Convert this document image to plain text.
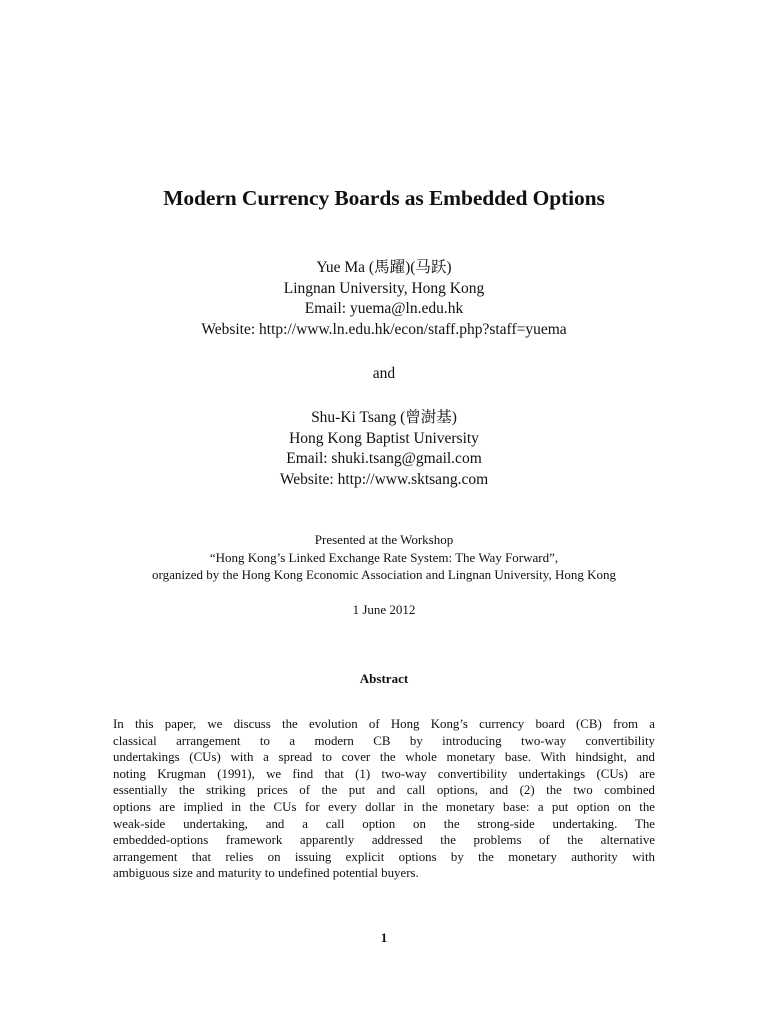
Modern Currency Boards as Embedded Options
Yue Ma (馬躍)(马跃)
Lingnan University, Hong Kong
Email: yuema@ln.edu.hk
Website: http://www.ln.edu.hk/econ/staff.php?staff=yuema
and
Shu-Ki Tsang (曾澍基)
Hong Kong Baptist University
Email: shuki.tsang@gmail.com
Website: http://www.sktsang.com
Presented at the Workshop
“Hong Kong’s Linked Exchange Rate System: The Way Forward”,
organized by the Hong Kong Economic Association and Lingnan University, Hong Kong
1 June 2012
Abstract
In this paper, we discuss the evolution of Hong Kong’s currency board (CB) from a
classical arrangement to a modern CB by introducing two-way convertibility
undertakings (CUs) with a spread to cover the whole monetary base. With hindsight, and
noting Krugman (1991), we find that (1) two-way convertibility undertakings (CUs) are
essentially the striking prices of the put and call options, and (2) the two combined
options are implied in the CUs for every dollar in the monetary base: a put option on the
weak-side undertaking, and a call option on the strong-side undertaking. The
embedded-options framework apparently addressed the problems of the alternative
arrangement that relies on issuing explicit options by the monetary authority with
ambiguous size and maturity to undefined potential buyers.
1
